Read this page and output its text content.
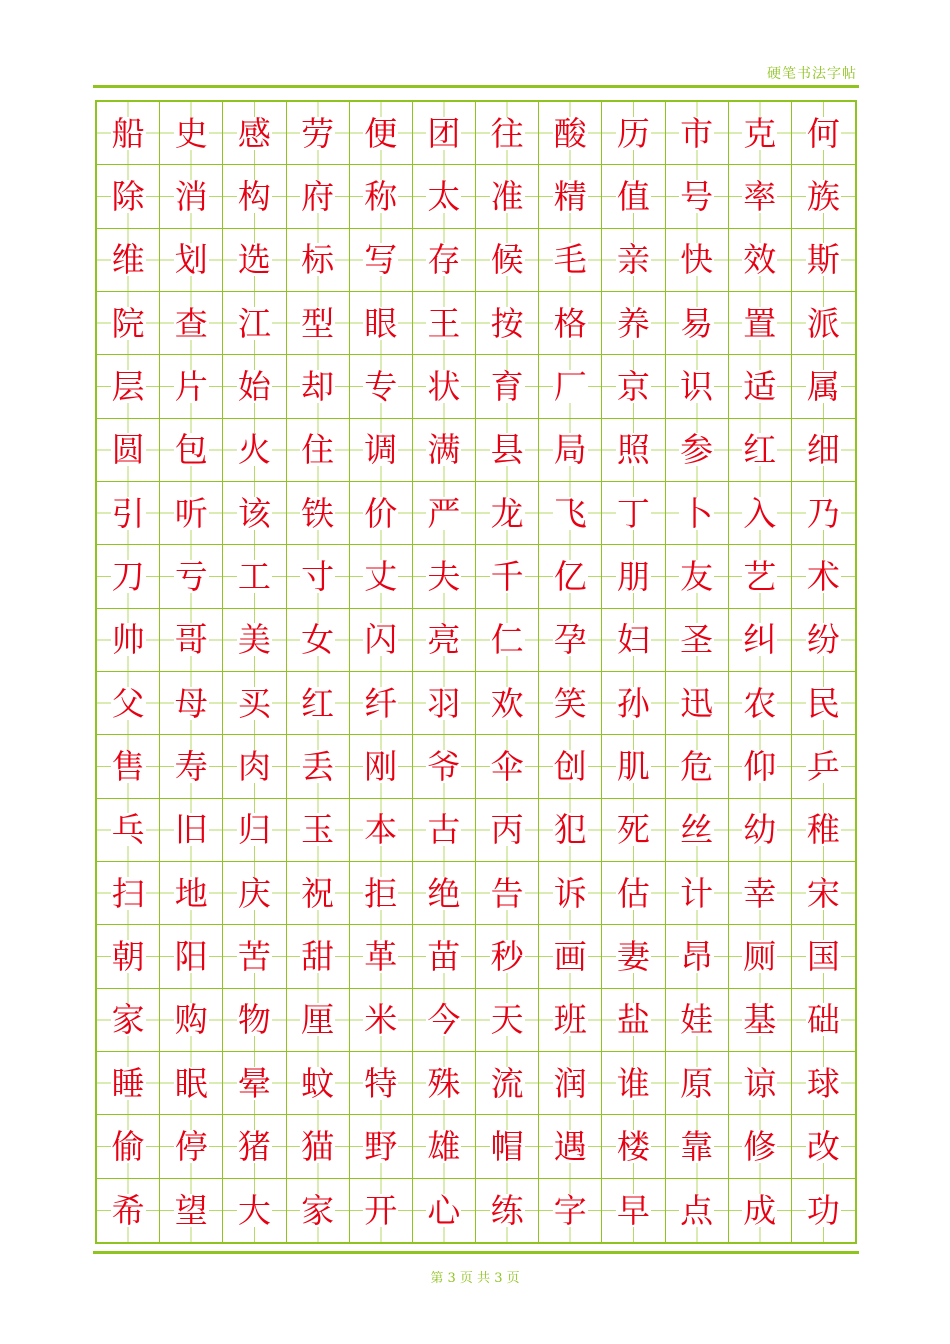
硬笔书法字帖
船 史 感 劳 便 团 往 酸 历 市 克 何
除 消 构 府 称 太 准 精 值 号 率 族
维 划 选 标 写 存 候 毛 亲 快 效 斯
院 查 江 型 眼 王 按 格 养 易 置 派
层 片 始 却 专 状 育 厂 京 识 适 属
圆 包 火 住 调 满 县 局 照 参 红 细
引 听 该 铁 价 严 龙 飞 丁 卜 入 乃
刀 亏 工 寸 丈 夫 千 亿 朋 友 艺 术
帅 哥 美 女 闪 亮 仁 孕 妇 圣 纠 纷
父 母 买 红 纤 羽 欢 笑 孙 迅 农 民
售 寿 肉 丢 刚 爷 伞 创 肌 危 仰 乒
乓 旧 归 玉 本 古 丙 犯 死 丝 幼 稚
扫 地 庆 祝 拒 绝 告 诉 估 计 幸 宋
朝 阳 苦 甜 革 苗 秒 画 妻 昂 厕 国
家 购 物 厘 米 今 天 班 盐 娃 基 础
睡 眠 晕 蚊 特 殊 流 润 谁 原 谅 球
偷 停 猪 猫 野 雄 帽 遇 楼 靠 修 改
希 望 大 家 开 心 练 字 早 点 成 功
第 3 页 共 3 页
